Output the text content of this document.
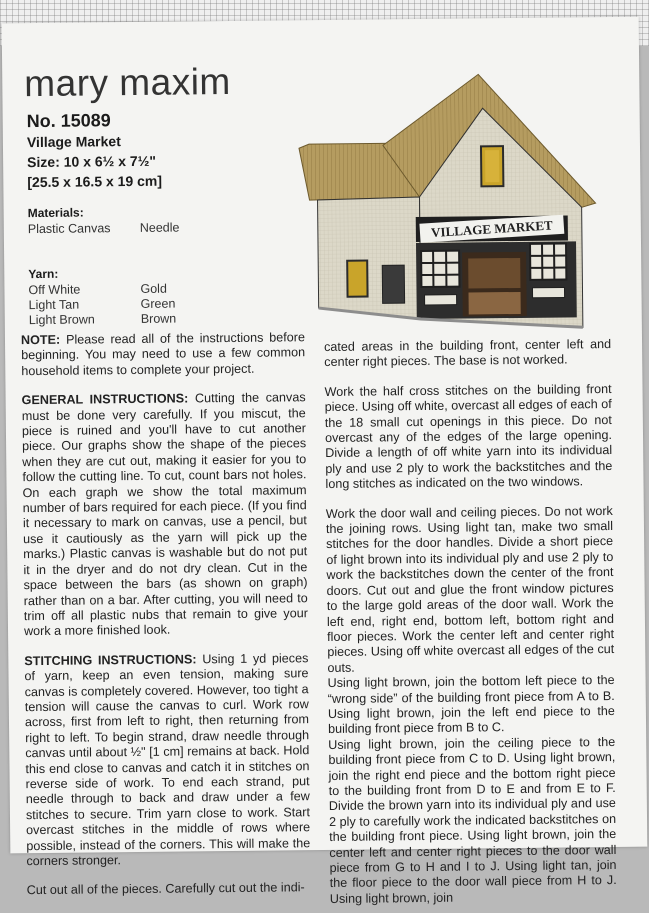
mary maxim
No. 15089
Village Market
Size: 10 x 6½ x 7½"
[25.5 x 16.5 x 19 cm]
Materials:
Plastic Canvas Needle
Yarn:
Off White
Light Tan
Light Brown
Gold
Green
Brown
VILLAGE MARKET

NOTE: Please read all of the instructions before beginning. You may need to use a few common household items to complete your project.

GENERAL INSTRUCTIONS: Cutting the canvas must be done very carefully. If you miscut, the piece is ruined and you'll have to cut another piece. Our graphs show the shape of the pieces when they are cut out, making it easier for you to follow the cutting line. To cut, count bars not holes. On each graph we show the total maximum number of bars required for each piece. (If you find it necessary to mark on canvas, use a pencil, but use it cautiously as the yarn will pick up the marks.) Plastic canvas is washable but do not put it in the dryer and do not dry clean. Cut in the space between the bars (as shown on graph) rather than on a bar. After cutting, you will need to trim off all plastic nubs that remain to give your work a more finished look.

STITCHING INSTRUCTIONS: Using 1 yd pieces of yarn, keep an even tension, making sure canvas is completely covered. However, too tight a tension will cause the canvas to curl. Work row across, first from left to right, then returning from right to left. To begin strand, draw needle through canvas until about ½" [1 cm] remains at back. Hold this end close to canvas and catch it in stitches on reverse side of work. To end each strand, put needle through to back and draw under a few stitches to secure. Trim yarn close to work. Start overcast stitches in the middle of rows where possible, instead of the corners. This will make the corners stronger.

Cut out all of the pieces. Carefully cut out the indi-

cated areas in the building front, center left and center right pieces. The base is not worked.

Work the half cross stitches on the building front piece. Using off white, overcast all edges of each of the 18 small cut openings in this piece. Do not overcast any of the edges of the large opening. Divide a length of off white yarn into its individual ply and use 2 ply to work the backstitches and the long stitches as indicated on the two windows.

Work the door wall and ceiling pieces. Do not work the joining rows. Using light tan, make two small stitches for the door handles. Divide a short piece of light brown into its individual ply and use 2 ply to work the backstitches down the center of the front doors. Cut out and glue the front window pictures to the large gold areas of the door wall. Work the left end, right end, bottom left, bottom right and floor pieces. Work the center left and center right pieces. Using off white overcast all edges of the cut outs.

Using light brown, join the bottom left piece to the “wrong side” of the building front piece from A to B. Using light brown, join the left end piece to the building front piece from B to C.

Using light brown, join the ceiling piece to the building front piece from C to D. Using light brown, join the right end piece and the bottom right piece to the building front from D to E and from E to F. Divide the brown yarn into its individual ply and use 2 ply to carefully work the indicated backstitches on the building front piece. Using light brown, join the center left and center right pieces to the door wall piece from G to H and I to J. Using light tan, join the floor piece to the door wall piece from H to J. Using light brown, join
